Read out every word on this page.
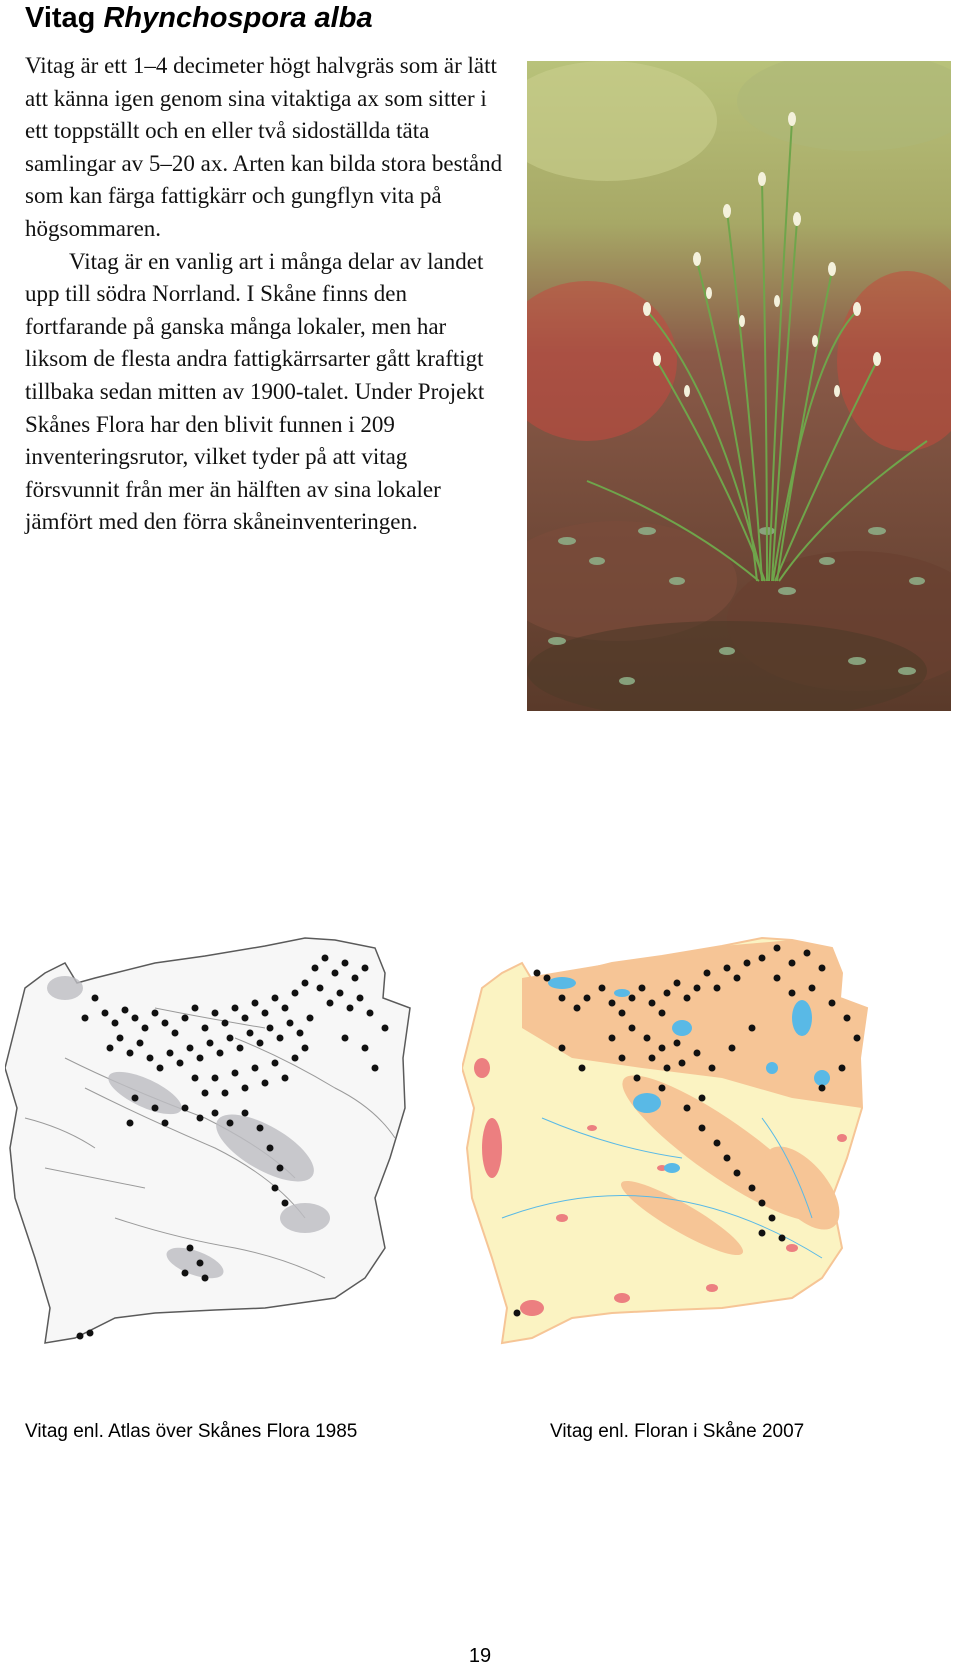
Vitag Rhynchospora alba

Vitag är ett 1–4 decimeter högt halvgräs som är lätt att känna igen genom sina vitaktiga ax som sitter i ett toppställt och en eller två sidoställda täta samlingar av 5–20 ax. Arten kan bilda stora bestånd som kan färga fattigkärr och gungflyn vita på högsommaren.

Vitag är en vanlig art i många delar av landet upp till södra Norrland. I Skåne finns den fortfarande på ganska många lokaler, men har liksom de flesta andra fattigkärrsarter gått kraftigt tillbaka sedan mitten av 1900-talet. Under Projekt Skånes Flora har den blivit funnen i 209 inventeringsrutor, vilket tyder på att vitag försvunnit från mer än hälften av sina lokaler jämfört med den förra skåneinventeringen.

Vitag enl. Atlas över Skånes Flora 1985	Vitag enl. Floran i Skåne 2007
19
